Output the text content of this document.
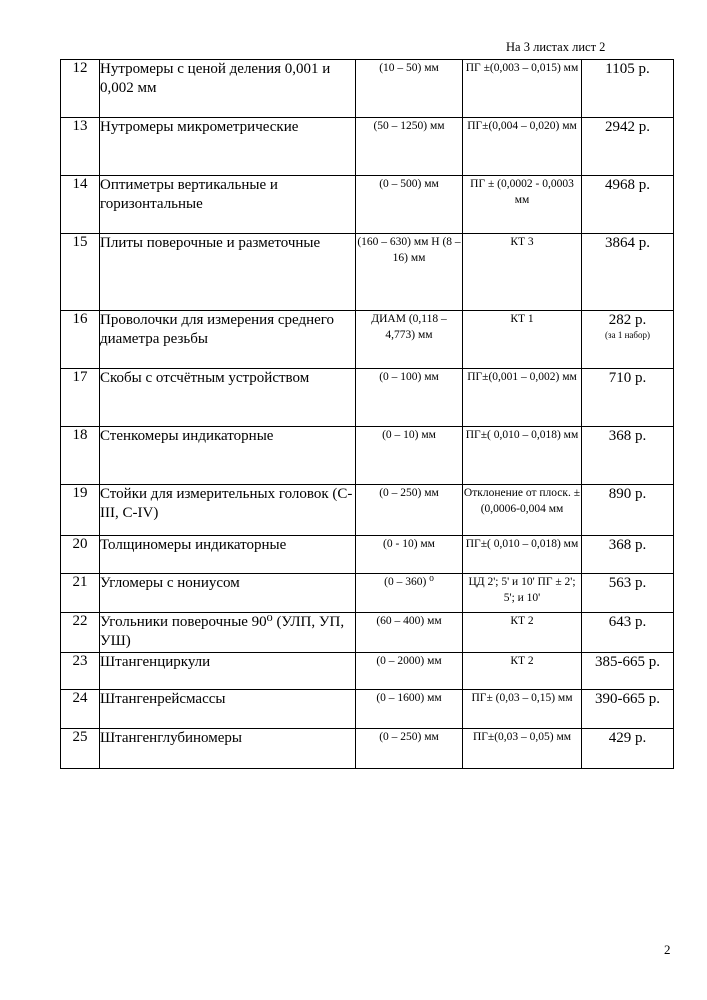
На 3 листах лист 2
12	Нутромеры с ценой деления 0,001 и 0,002 мм	(10 – 50) мм	ПГ ±(0,003 – 0,015) мм	1105 р.

13	Нутромеры микрометрические	(50 – 1250) мм	ПГ±(0,004 – 0,020) мм	2942 р.

14	Оптиметры вертикальные и горизонтальные	(0 – 500) мм	ПГ ± (0,0002 - 0,0003 мм	4968 р.

15	Плиты поверочные и разметочные	(160 – 630) мм Н (8 – 16) мм	КТ 3	3864 р.

16	Проволочки для измерения среднего диаметра резьбы	ДИАМ (0,118 – 4,773) мм	КТ 1	282 р.
(за 1 набор)

17	Скобы с отсчётным устройством	(0 – 100) мм	ПГ±(0,001 – 0,002) мм	710 р.

18	Стенкомеры индикаторные	(0 – 10) мм	ПГ±( 0,010 – 0,018) мм	368 р.

19	Стойки для измерительных головок (С-III, С-IV)	(0 – 250) мм	Отклонение от плоск. ± (0,0006-0,004 мм	890 р.

20	Толщиномеры индикаторные	(0 - 10) мм	ПГ±( 0,010 – 0,018) мм	368 р.

21	Угломеры с нониусом	(0 – 360) ⁰	ЦД 2'; 5' и 10' ПГ ± 2'; 5'; и 10'	563 р.

22	Угольники поверочные 90⁰ (УЛП, УП, УШ)	(60 – 400) мм	КТ 2	643 р.

23	Штангенциркули	(0 – 2000) мм	КТ 2	385-665 р.

24	Штангенрейсмассы	(0 – 1600) мм	ПГ± (0,03 – 0,15) мм	390-665 р.

25	Штангенглубиномеры	(0 – 250) мм	ПГ±(0,03 – 0,05) мм	429 р.
2
